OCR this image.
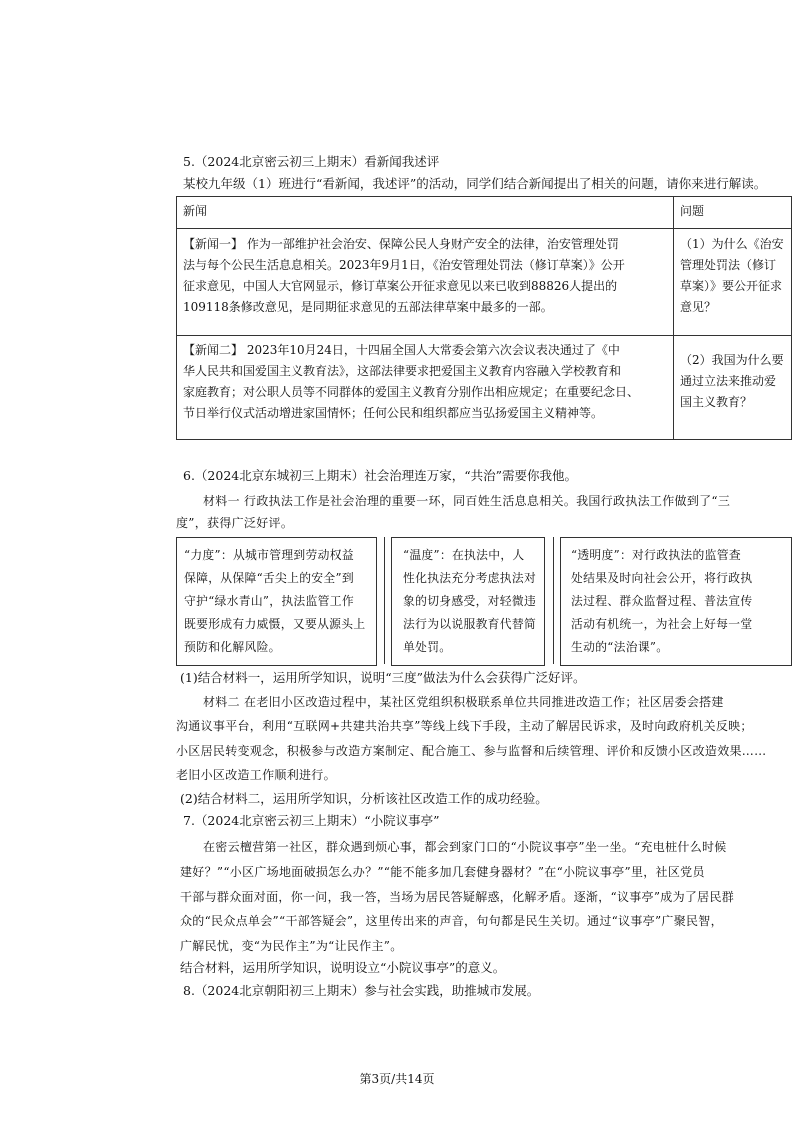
5.（2024北京密云初三上期末）看新闻我述评
某校九年级（1）班进行“看新闻，我述评”的活动，同学们结合新闻提出了相关的问题，请你来进行解读。
新闻	问题

【新闻一】 作为一部维护社会治安、保障公民人身财产安全的法律，治安管理处罚
法与每个公民生活息息相关。2023年9月1日，《治安管理处罚法（修订草案）》公开
征求意见，中国人大官网显示，修订草案公开征求意见以来已收到88826人提出的
109118条修改意见，是同期征求意见的五部法律草案中最多的一部。	（1）为什么《治安
管理处罚法（修订
草案）》要公开征求
意见？

【新闻二】 2023年10月24日，十四届全国人大常委会第六次会议表决通过了《中
华人民共和国爱国主义教育法》，这部法律要求把爱国主义教育内容融入学校教育和
家庭教育；对公职人员等不同群体的爱国主义教育分别作出相应规定；在重要纪念日、
节日举行仪式活动增进家国情怀；任何公民和组织都应当弘扬爱国主义精神等。	（2）我国为什么要
通过立法来推动爱
国主义教育？
6.（2024北京东城初三上期末）社会治理连万家，“共治”需要你我他。
材料一 行政执法工作是社会治理的重要一环，同百姓生活息息相关。我国行政执法工作做到了“三
度”，获得广泛好评。
“力度”：从城市管理到劳动权益
保障，从保障“舌尖上的安全”到
守护“绿水青山”，执法监管工作
既要形成有力威慑，又要从源头上
预防和化解风险。
“温度”：在执法中，人
性化执法充分考虑执法对
象的切身感受，对轻微违
法行为以说服教育代替简
单处罚。
“透明度”：对行政执法的监管查
处结果及时向社会公开，将行政执
法过程、群众监督过程、普法宣传
活动有机统一，为社会上好每一堂
生动的“法治课”。
(1)结合材料一，运用所学知识，说明“三度”做法为什么会获得广泛好评。
材料二 在老旧小区改造过程中，某社区党组织积极联系单位共同推进改造工作；社区居委会搭建
沟通议事平台，利用“互联网+共建共治共享”等线上线下手段，主动了解居民诉求，及时向政府机关反映；
小区居民转变观念，积极参与改造方案制定、配合施工、参与监督和后续管理、评价和反馈小区改造效果……
老旧小区改造工作顺利进行。
(2)结合材料二，运用所学知识，分析该社区改造工作的成功经验。
7.（2024北京密云初三上期末）“小院议事亭”
在密云檀营第一社区，群众遇到烦心事，都会到家门口的“小院议事亭”坐一坐。“充电桩什么时候
建好？”“小区广场地面破损怎么办？”“能不能多加几套健身器材？”在“小院议事亭”里，社区党员
干部与群众面对面，你一问，我一答，当场为居民答疑解惑，化解矛盾。逐渐，“议事亭”成为了居民群
众的“民众点单会”“干部答疑会”，这里传出来的声音，句句都是民生关切。通过“议事亭”广聚民智，
广解民忧，变“为民作主”为“让民作主”。
结合材料，运用所学知识，说明设立“小院议事亭”的意义。
8.（2024北京朝阳初三上期末）参与社会实践，助推城市发展。
第3页/共14页
